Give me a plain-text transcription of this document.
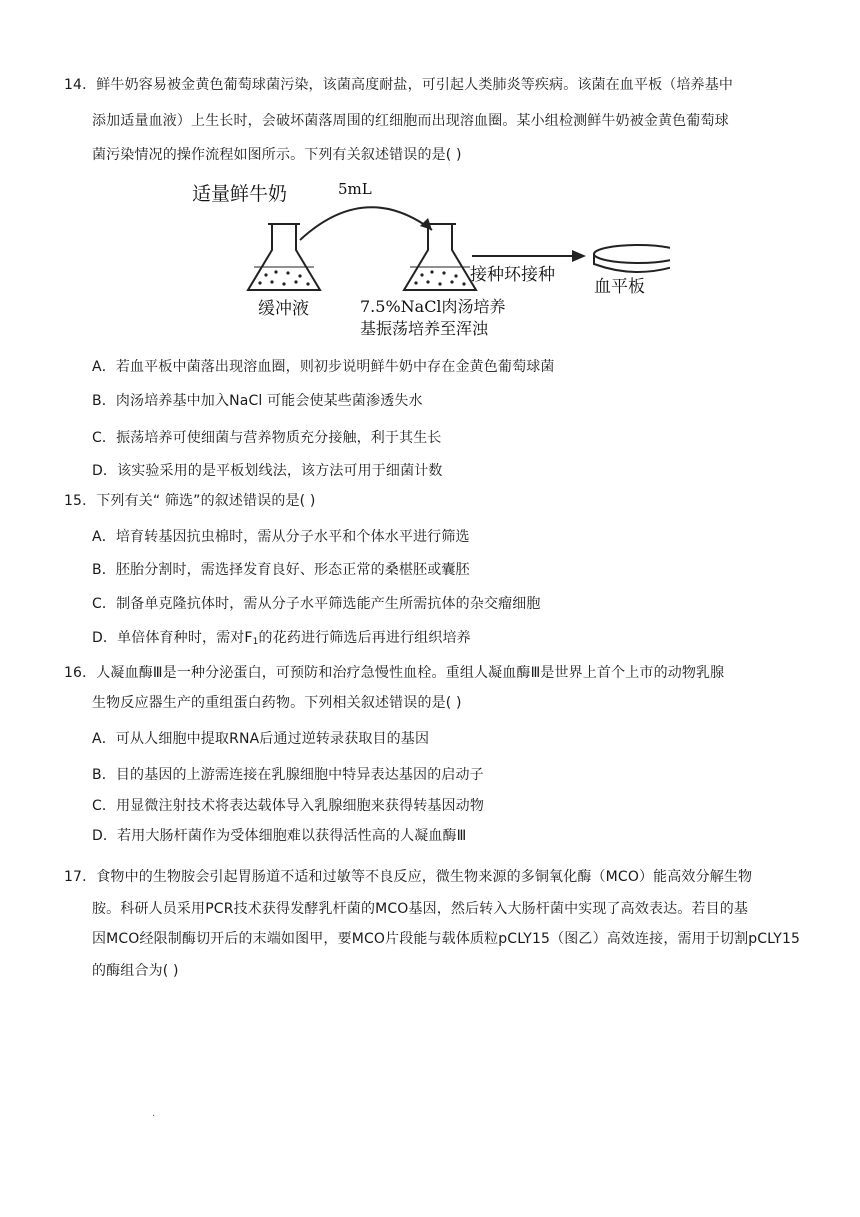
14．鲜牛奶容易被金黄色葡萄球菌污染，该菌高度耐盐，可引起人类肺炎等疾病。该菌在血平板（培养基中
添加适量血液）上生长时，会破坏菌落周围的红细胞而出现溶血圈。某小组检测鲜牛奶被金黄色葡萄球
菌污染情况的操作流程如图所示。下列有关叙述错误的是( )
适量鲜牛奶	5mL
缓冲液	7.5%NaCl肉汤培养
基振荡培养至浑浊
接种环接种
血平板
A．若血平板中菌落出现溶血圈，则初步说明鲜牛奶中存在金黄色葡萄球菌
B．肉汤培养基中加入NaCl 可能会使某些菌渗透失水
C．振荡培养可使细菌与营养物质充分接触，利于其生长
D．该实验采用的是平板划线法，该方法可用于细菌计数
15．下列有关“ 筛选”的叙述错误的是( )
A．培育转基因抗虫棉时，需从分子水平和个体水平进行筛选
B．胚胎分割时，需选择发育良好、形态正常的桑椹胚或囊胚
C．制备单克隆抗体时，需从分子水平筛选能产生所需抗体的杂交瘤细胞
D．单倍体育种时，需对$F_1$的花药进行筛选后再进行组织培养
16．人凝血酶Ⅲ是一种分泌蛋白，可预防和治疗急慢性血栓。重组人凝血酶Ⅲ是世界上首个上市的动物乳腺
生物反应器生产的重组蛋白药物。下列相关叙述错误的是( )
A．可从人细胞中提取RNA后通过逆转录获取目的基因
B．目的基因的上游需连接在乳腺细胞中特异表达基因的启动子
C．用显微注射技术将表达载体导入乳腺细胞来获得转基因动物
D．若用大肠杆菌作为受体细胞难以获得活性高的人凝血酶Ⅲ
17．食物中的生物胺会引起胃肠道不适和过敏等不良反应，微生物来源的多铜氧化酶（MCO）能高效分解生物
胺。科研人员采用PCR技术获得发酵乳杆菌的MCO基因，然后转入大肠杆菌中实现了高效表达。若目的基
因MCO经限制酶切开后的末端如图甲，要MCO片段能与载体质粒pCLY15（图乙）高效连接，需用于切割pCLY15
的酶组合为( )
.
